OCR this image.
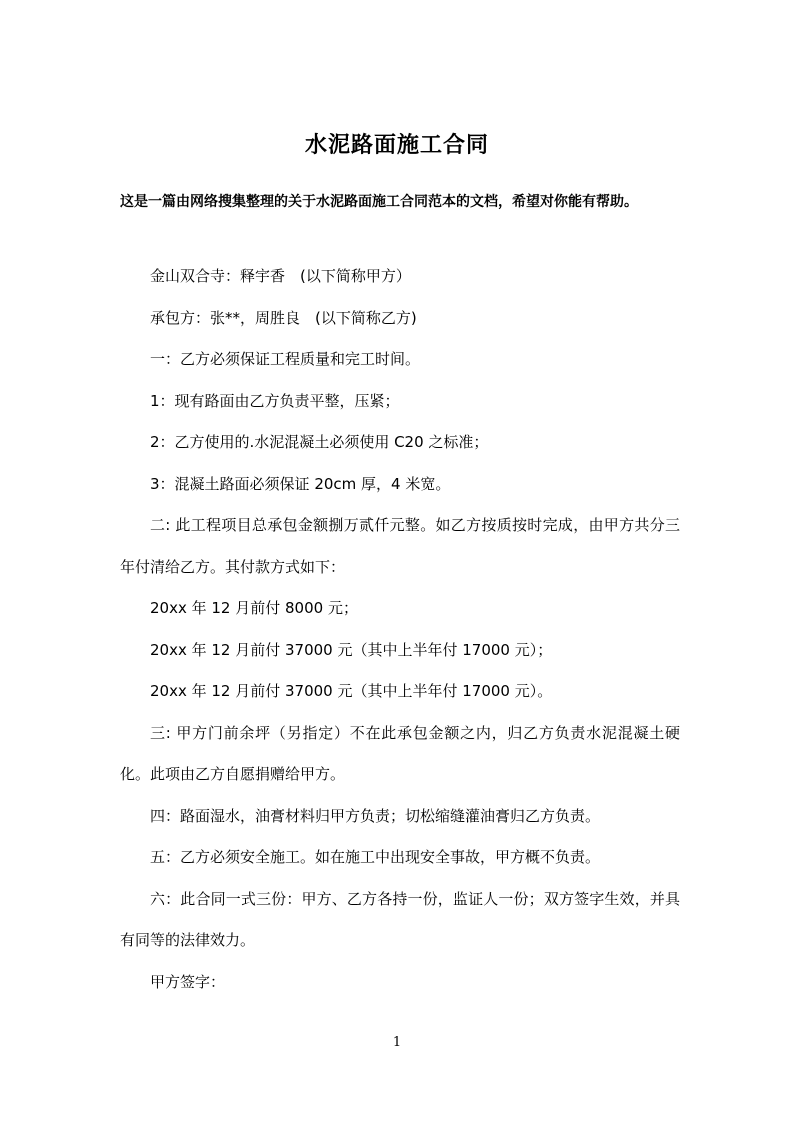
水泥路面施工合同
这是一篇由网络搜集整理的关于水泥路面施工合同范本的文档，希望对你能有帮助。

金山双合寺：释宇香　(以下简称甲方）

承包方：张**，周胜良　(以下简称乙方)

一：乙方必须保证工程质量和完工时间。

1：现有路面由乙方负责平整，压紧；

2：乙方使用的.水泥混凝土必须使用 C20 之标准；

3：混凝土路面必须保证 20cm 厚，4 米宽。

二: 此工程项目总承包金额捌万贰仟元整。如乙方按质按时完成，由甲方共分三年付清给乙方。其付款方式如下：

20xx 年 12 月前付 8000 元；

20xx 年 12 月前付 37000 元（其中上半年付 17000 元）；

20xx 年 12 月前付 37000 元（其中上半年付 17000 元）。

三: 甲方门前余坪（另指定）不在此承包金额之内，归乙方负责水泥混凝土硬化。此项由乙方自愿捐赠给甲方。

四：路面湿水，油膏材料归甲方负责；切松缩缝灌油膏归乙方负责。

五：乙方必须安全施工。如在施工中出现安全事故，甲方概不负责。

六：此合同一式三份：甲方、乙方各持一份，监证人一份；双方签字生效，并具有同等的法律效力。

甲方签字：

1
